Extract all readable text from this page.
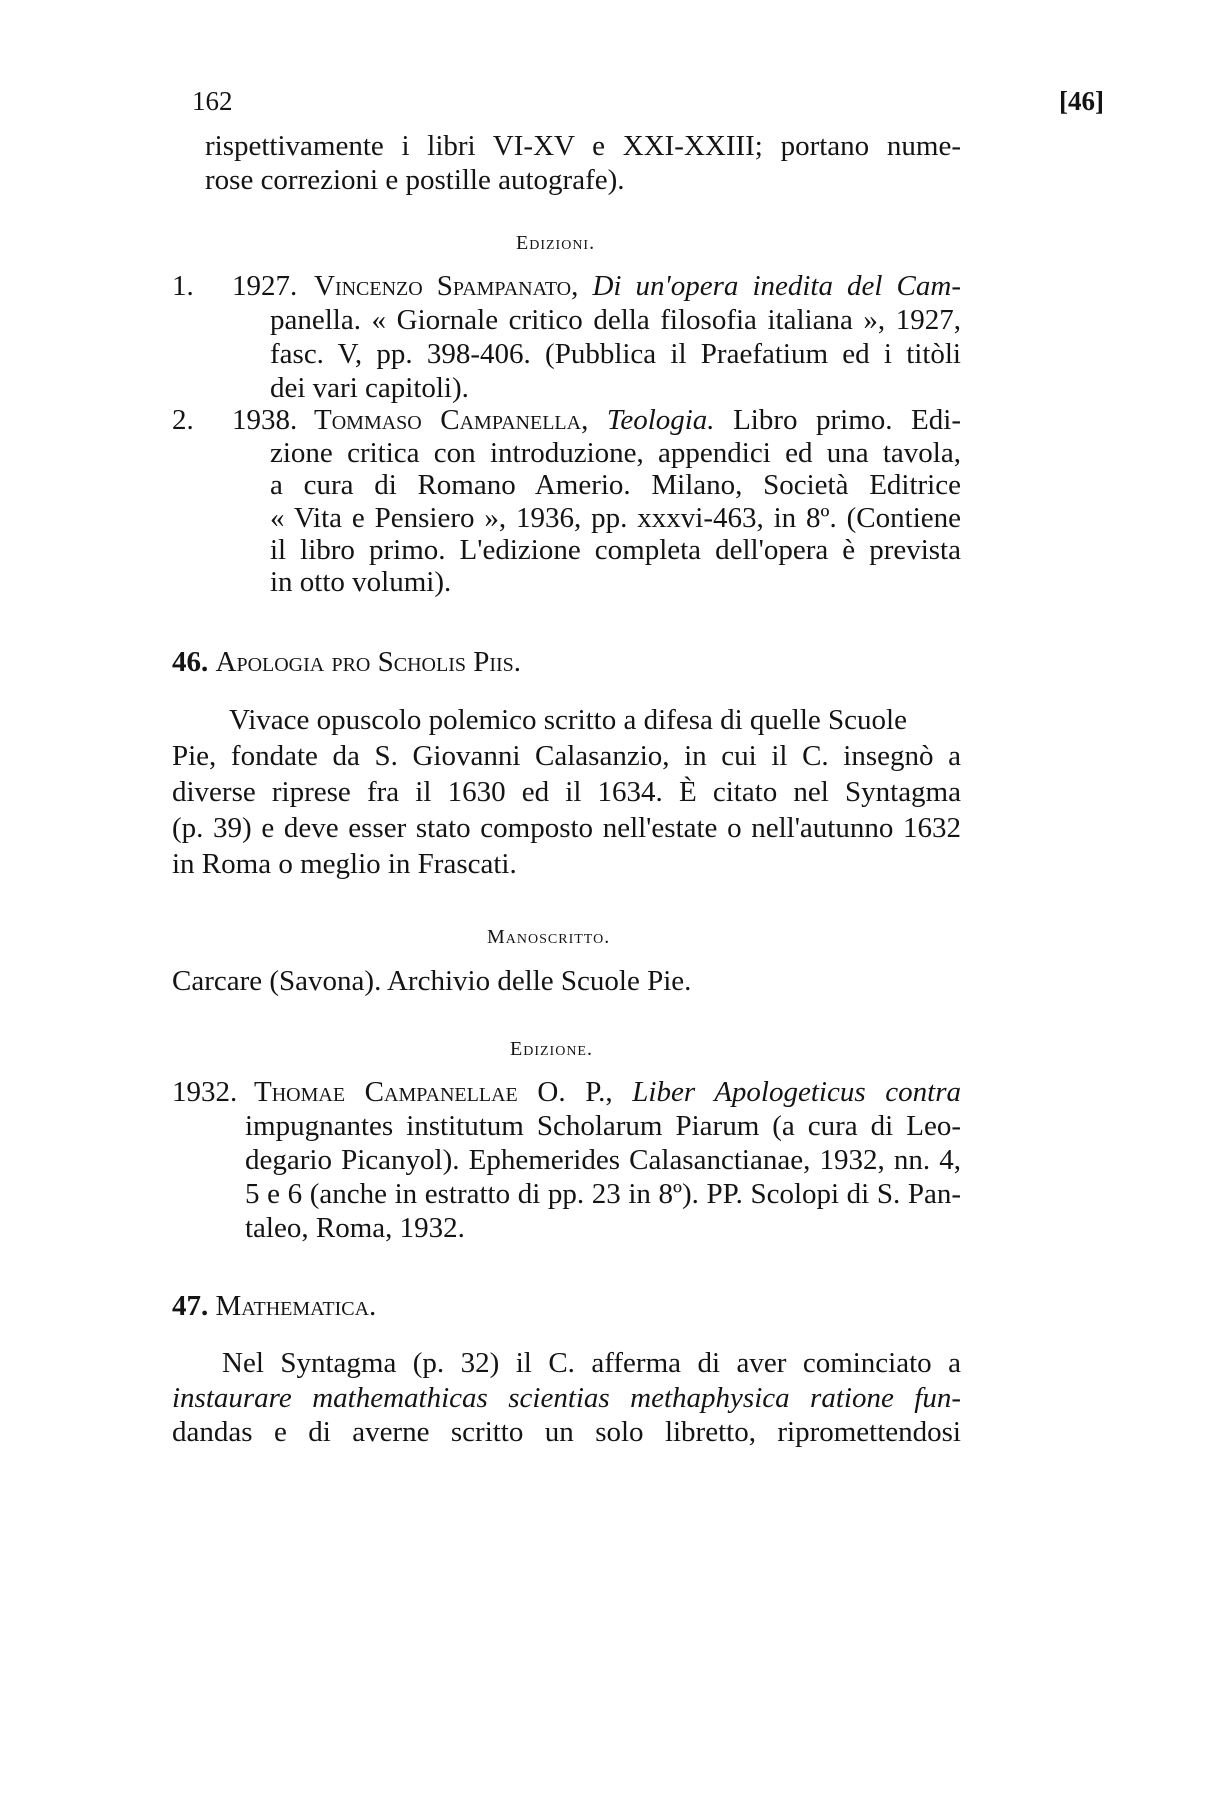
162	[46]
rispettivamente i libri VI-XV e XXI-XXIII; portano nume-
rose correzioni e postille autografe).
Edizioni.
1. 1927. Vincenzo Spampanato, Di un'opera inedita del Cam-
panella. « Giornale critico della filosofia italiana », 1927,
fasc. V, pp. 398-406. (Pubblica il Praefatium ed i titòli
dei vari capitoli).
2. 1938. Tommaso Campanella, Teologia. Libro primo. Edi-
zione critica con introduzione, appendici ed una tavola,
a cura di Romano Amerio. Milano, Società Editrice
« Vita e Pensiero », 1936, pp. xxxvi-463, in 8º. (Contiene
il libro primo. L'edizione completa dell'opera è prevista
in otto volumi).
46. Apologia pro Scholis Piis.
Vivace opuscolo polemico scritto a difesa di quelle Scuole
Pie, fondate da S. Giovanni Calasanzio, in cui il C. insegnò a
diverse riprese fra il 1630 ed il 1634. È citato nel Syntagma
(p. 39) e deve esser stato composto nell'estate o nell'autunno 1632
in Roma o meglio in Frascati.
Manoscritto.
Carcare (Savona). Archivio delle Scuole Pie.
Edizione.
1932. Thomae Campanellae O. P., Liber Apologeticus contra
impugnantes institutum Scholarum Piarum (a cura di Leo-
degario Picanyol). Ephemerides Calasanctianae, 1932, nn. 4,
5 e 6 (anche in estratto di pp. 23 in 8º). PP. Scolopi di S. Pan-
taleo, Roma, 1932.
47. Mathematica.
Nel Syntagma (p. 32) il C. afferma di aver cominciato a
instaurare mathemathicas scientias methaphysica ratione fun-
dandas e di averne scritto un solo libretto, ripromettendosi
